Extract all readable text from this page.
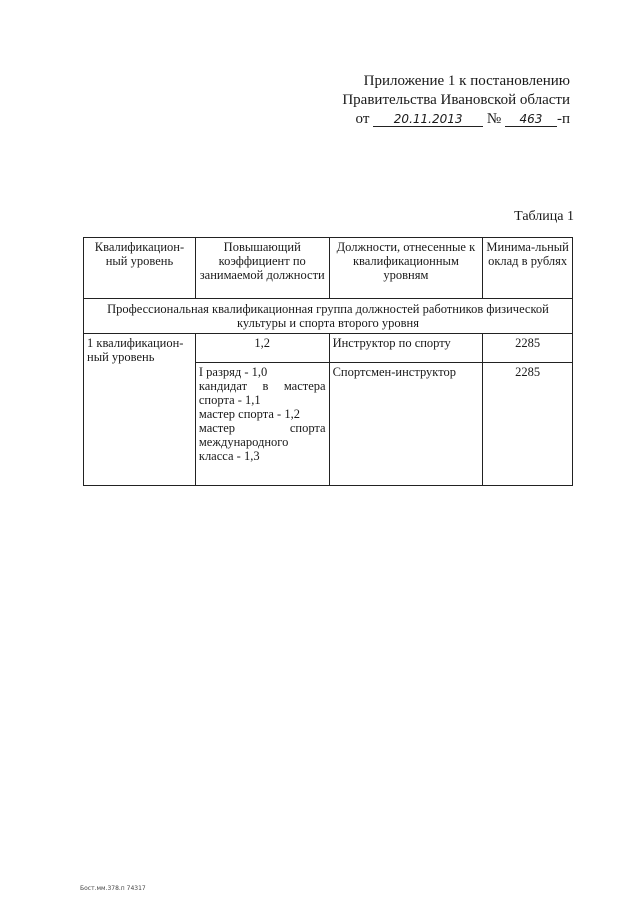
Приложение 1 к постановлению
Правительства Ивановской области
от 20.11.2013 № 463 -п
Таблица 1
Квалификацион-ный уровень	Повышающий коэффициент по занимаемой должности	Должности, отнесенные к квалификационным уровням	Минима-льный оклад в рублях
Профессиональная квалификационная группа должностей работников физической культуры и спорта второго уровня			
1 квалификацион-ный уровень	1,2	Инструктор по спорту	2285

	I разряд - 1,0
кандидат в мастера спорта - 1,1
мастер спорта - 1,2
мастер спорта международного класса - 1,3	Спортсмен-инструктор	2285
Бост.мм.378.п 74317
